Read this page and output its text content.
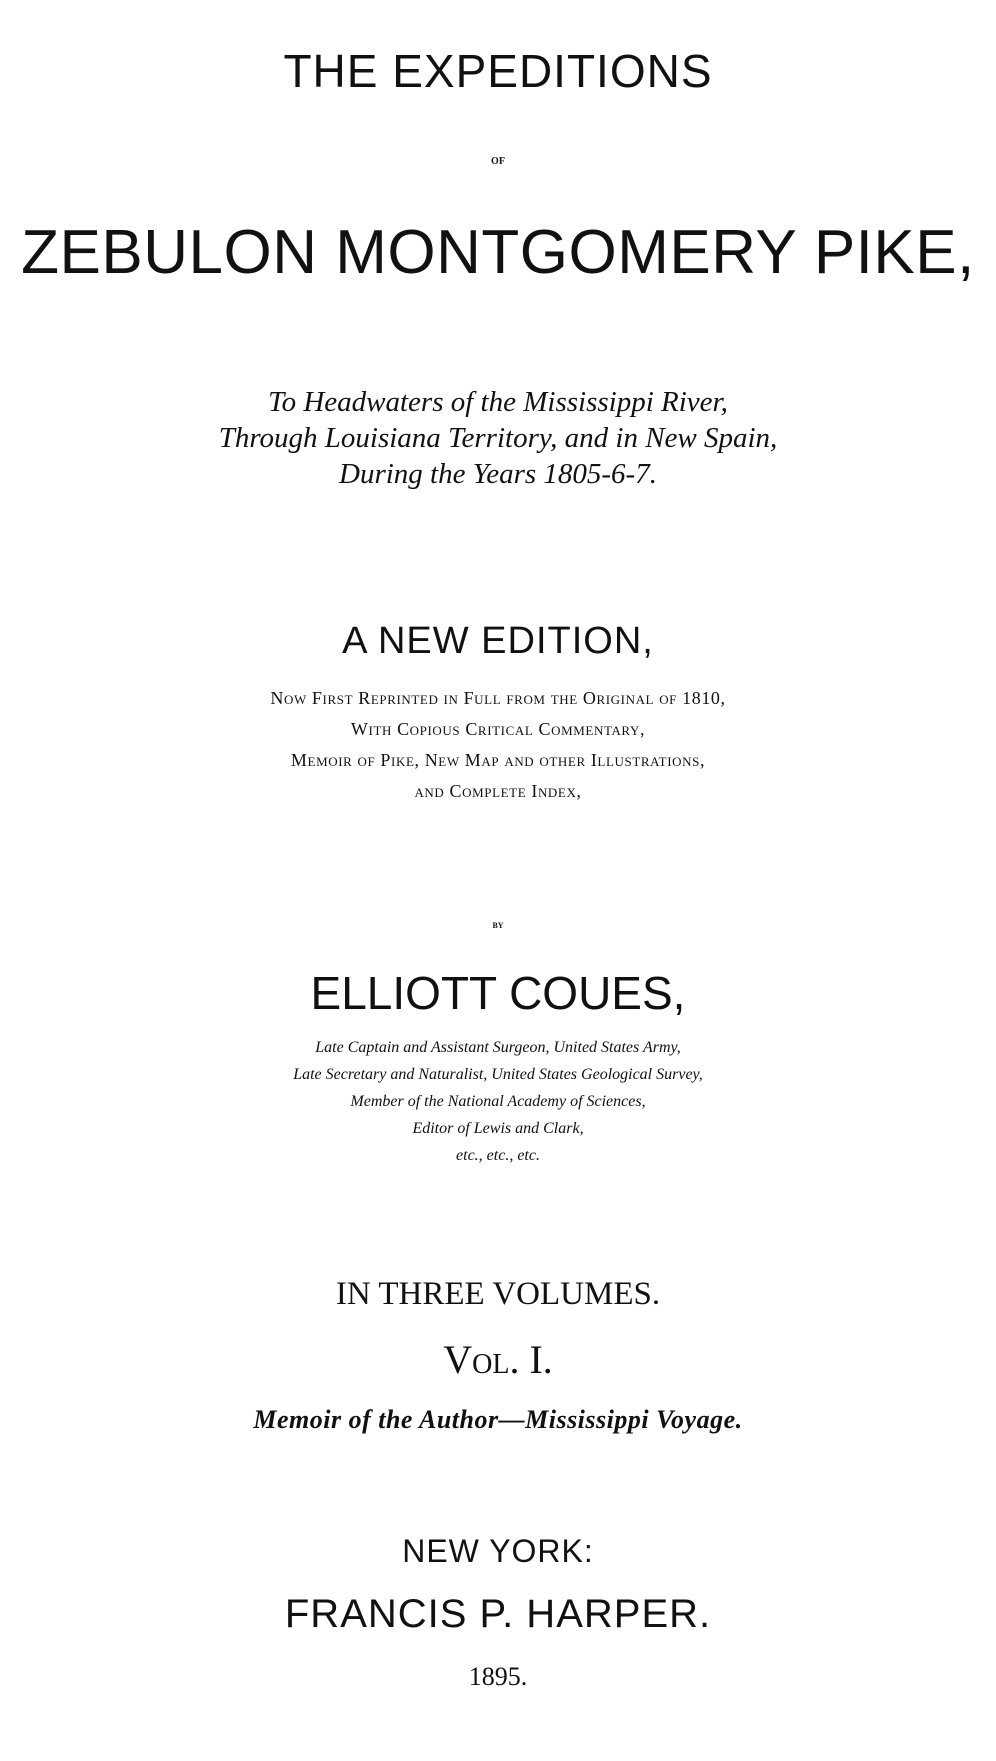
THE EXPEDITIONS
of
ZEBULON MONTGOMERY PIKE,
To Headwaters of the Mississippi River,
Through Louisiana Territory, and in New Spain,
During the Years 1805-6-7.
A NEW EDITION,
Now First Reprinted in Full from the Original of 1810,
With Copious Critical Commentary,
Memoir of Pike, New Map and other Illustrations,
and Complete Index,
by
ELLIOTT COUES,
Late Captain and Assistant Surgeon, United States Army,
Late Secretary and Naturalist, United States Geological Survey,
Member of the National Academy of Sciences,
Editor of Lewis and Clark,
etc., etc., etc.
IN THREE VOLUMES.
Vol. I.
Memoir of the Author—Mississippi Voyage.
NEW YORK:
FRANCIS P. HARPER.
1895.
